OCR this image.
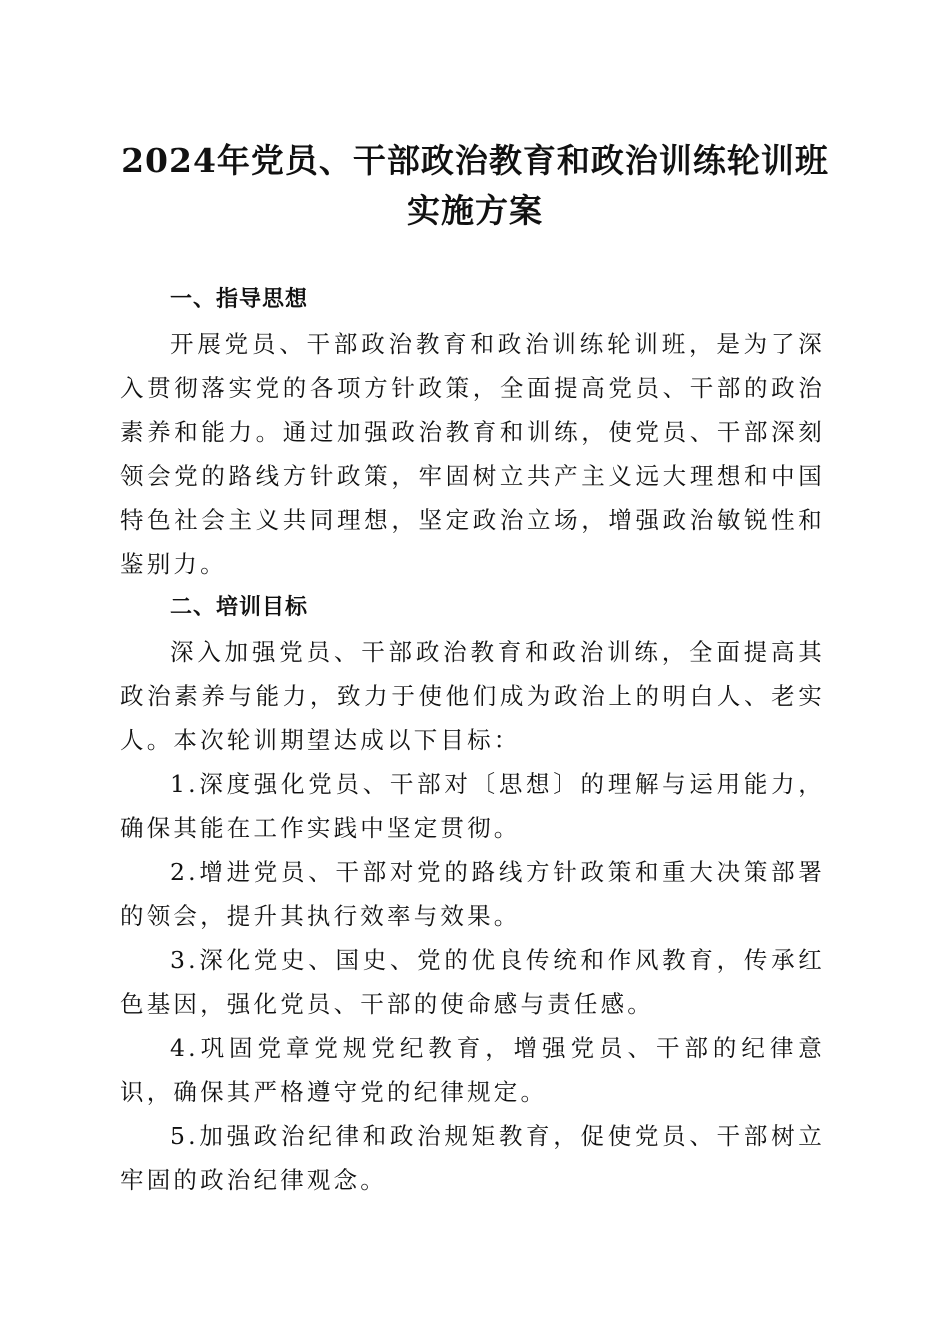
2024年党员、干部政治教育和政治训练轮训班实施方案

一、指导思想

开展党员、干部政治教育和政治训练轮训班，是为了深入贯彻落实党的各项方针政策，全面提高党员、干部的政治素养和能力。通过加强政治教育和训练，使党员、干部深刻领会党的路线方针政策，牢固树立共产主义远大理想和中国特色社会主义共同理想，坚定政治立场，增强政治敏锐性和鉴别力。

二、培训目标

深入加强党员、干部政治教育和政治训练，全面提高其政治素养与能力，致力于使他们成为政治上的明白人、老实人。本次轮训期望达成以下目标：

1.深度强化党员、干部对〔思想〕的理解与运用能力，确保其能在工作实践中坚定贯彻。

2.增进党员、干部对党的路线方针政策和重大决策部署的领会，提升其执行效率与效果。

3.深化党史、国史、党的优良传统和作风教育，传承红色基因，强化党员、干部的使命感与责任感。

4.巩固党章党规党纪教育，增强党员、干部的纪律意识，确保其严格遵守党的纪律规定。

5.加强政治纪律和政治规矩教育，促使党员、干部树立牢固的政治纪律观念。
